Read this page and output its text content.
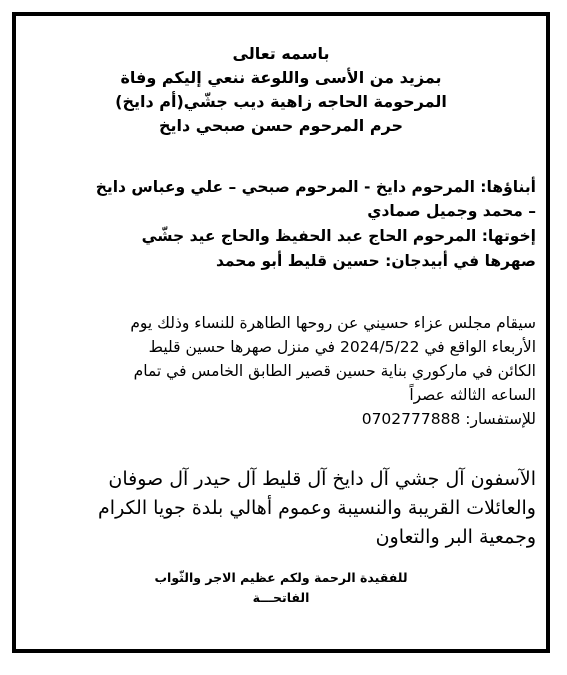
باسمه تعالى
بمزيد من الأسى واللوعة ننعي إليكم وفاة
المرحومة الحاجه زاهية ديب جشّي(أم دايخ)
حرم المرحوم حسن صبحي دايخ
أبناؤها: المرحوم دايخ - المرحوم صبحي – علي وعباس دايخ
– محمد وجميل صمادي
إخوتها: المرحوم الحاج عبد الحفيظ والحاج عيد جشّي
صهرها في أبيدجان: حسين قليط أبو محمد
سيقام مجلس عزاء حسيني عن روحها الطاهرة للنساء وذلك يوم
الأربعاء الواقع في 2024/5/22 في منزل صهرها حسين قليط
الكائن في ماركوري بناية حسين قصير الطابق الخامس في تمام
الساعه الثالثه عصراً
للإستفسار: 0702777888
الآسفون آل جشي آل دايخ آل قليط آل حيدر آل صوفان
والعائلات القريبة والنسيبة وعموم أهالي بلدة جويا الكرام
وجمعية البر والتعاون
للفقيدة الرحمة ولكم عظيم الاجر والثّواب
الفاتحـــة
